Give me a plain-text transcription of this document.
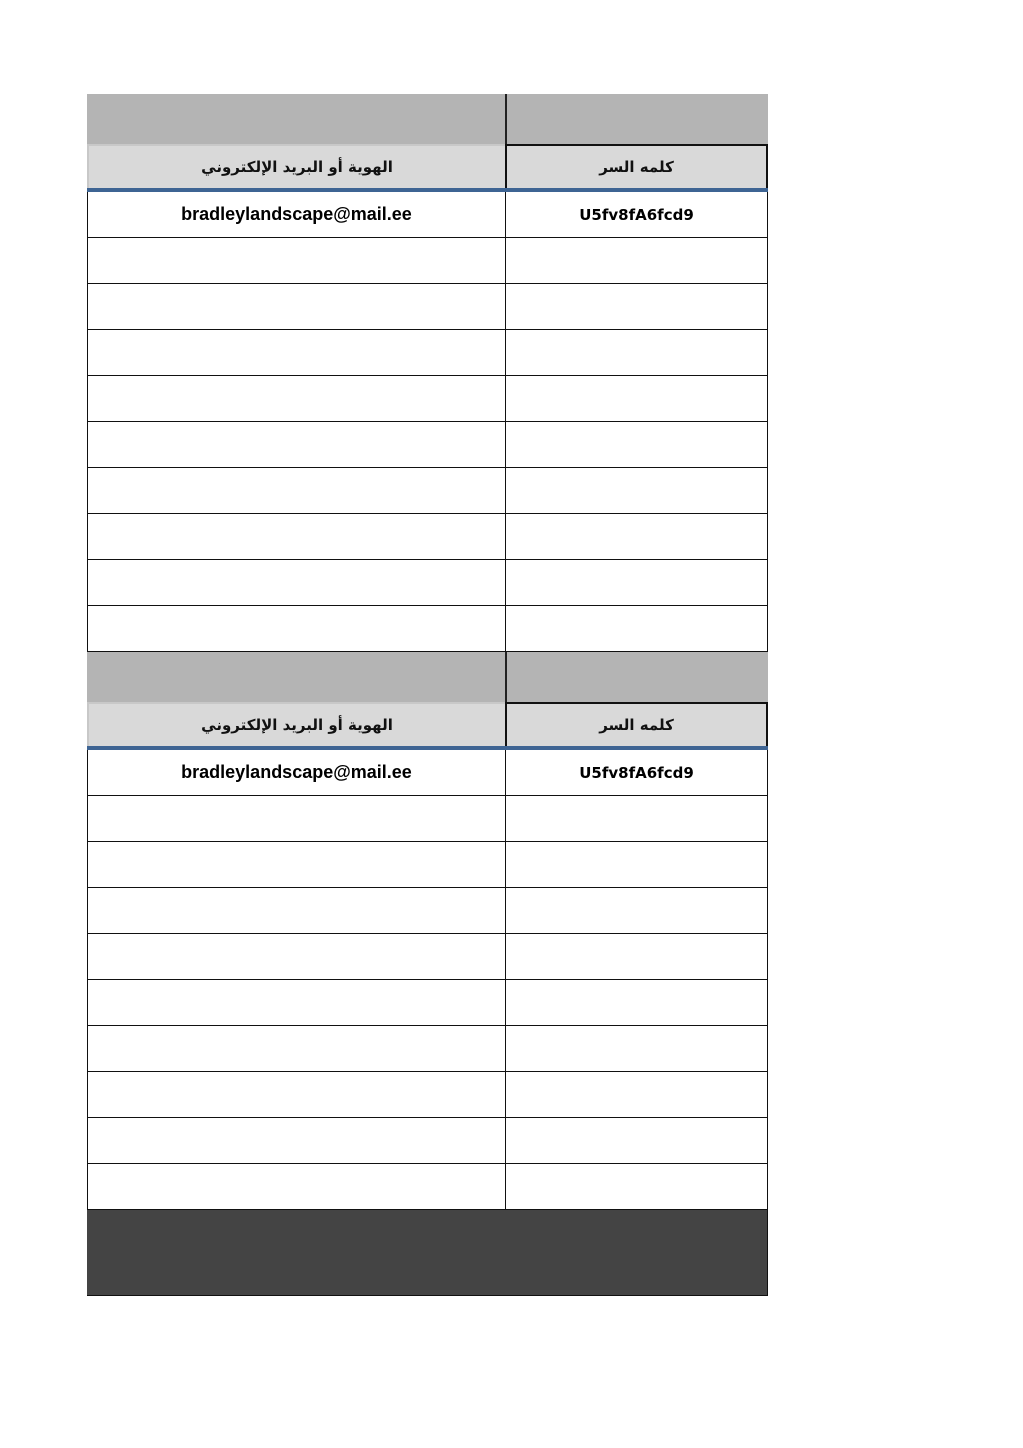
الهوية أو البريد الإلكتروني	كلمه السر
bradleylandscape@mail.ee	U5fv8fA6fcd9
الهوية أو البريد الإلكتروني	كلمه السر
bradleylandscape@mail.ee	U5fv8fA6fcd9
